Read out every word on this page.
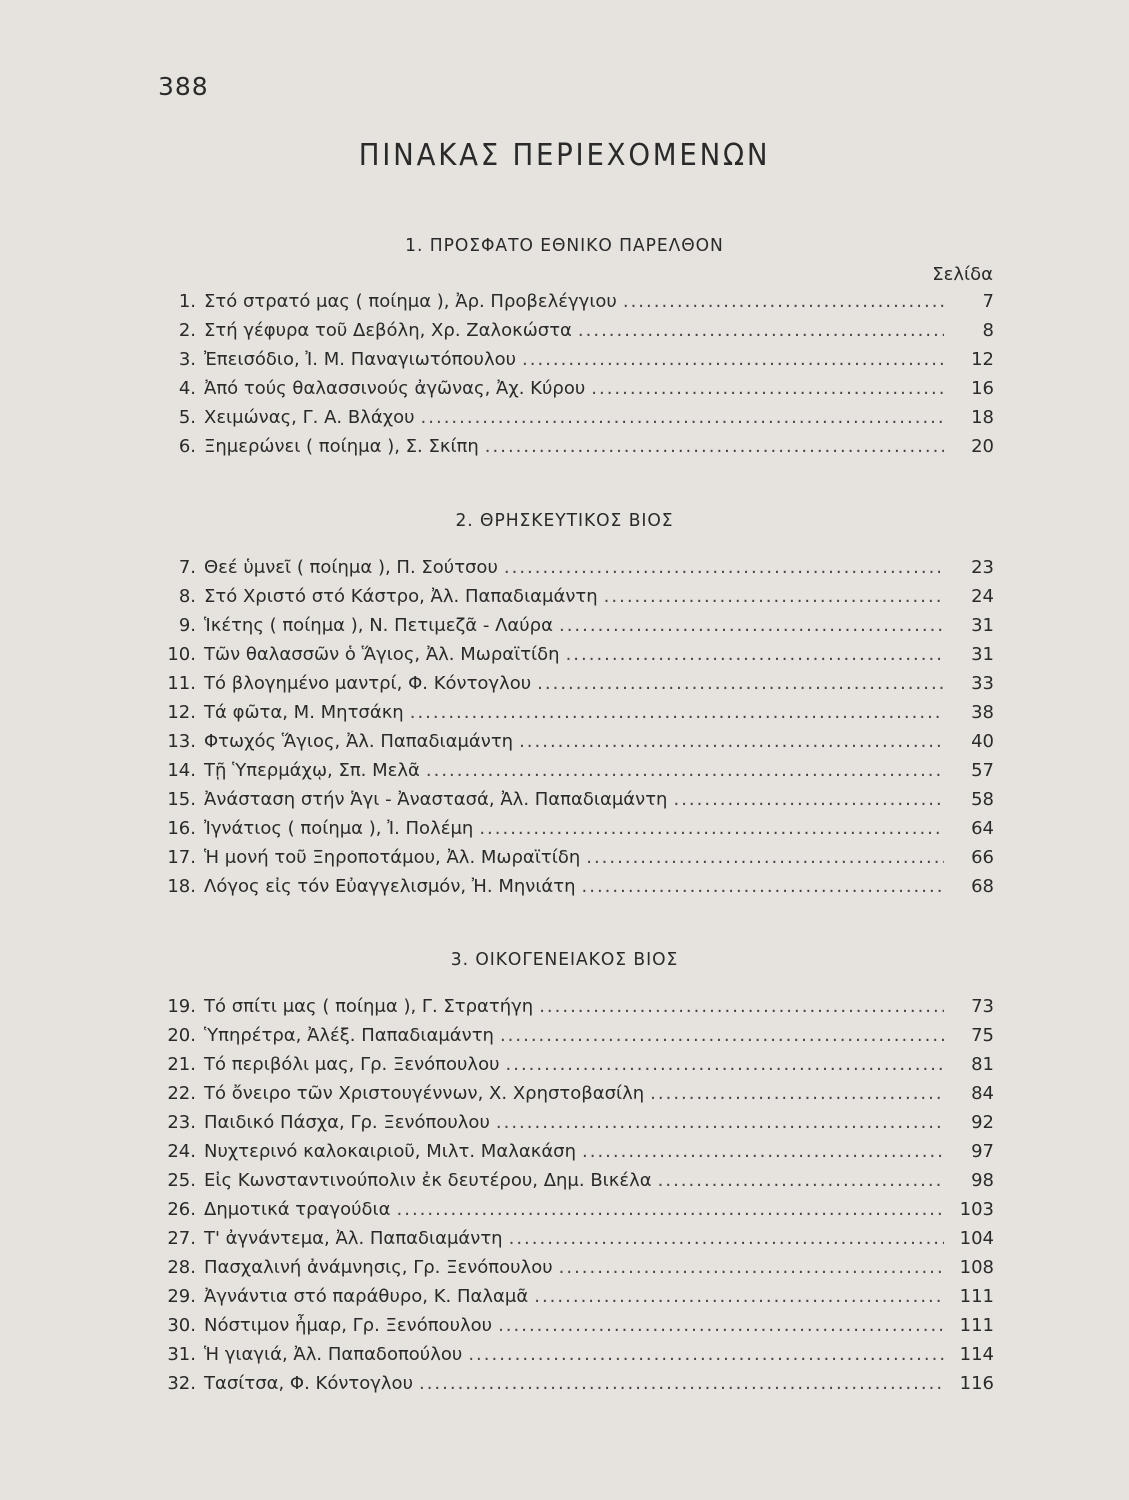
388
ΠΙΝΑΚΑΣ ΠΕΡΙΕΧΟΜΕΝΩΝ
1. ΠΡΟΣΦΑΤΟ ΕΘΝΙΚΟ ΠΑΡΕΛΘΟΝ
Σελίδα
1. Στό στρατό μας ( ποίημα ), Ἀρ. Προβελέγγιου .....	7
2. Στή γέφυρα τοῦ Δεβόλη, Χρ. Ζαλοκώστα .....	8
3. Ἐπεισόδιο, Ἰ. Μ. Παναγιωτόπουλου .....	12
4. Ἀπό τούς θαλασσινούς ἀγῶνας, Ἀχ. Κύρου .....	16
5. Χειμώνας, Γ. Α. Βλάχου .....	18
6. Ξημερώνει ( ποίημα ), Σ. Σκίπη .....	20
2. ΘΡΗΣΚΕΥΤΙΚΟΣ ΒΙΟΣ
7. Θεέ ὑμνεῖ ( ποίημα ), Π. Σούτσου .....	23
8. Στό Χριστό στό Κάστρο, Ἀλ. Παπαδιαμάντη .....	24
9. Ἱκέτης ( ποίημα ), Ν. Πετιμεζᾶ - Λαύρα .....	31
10. Τῶν θαλασσῶν ὁ Ἅγιος, Ἀλ. Μωραϊτίδη .....	31
11. Τό βλογημένο μαντρί, Φ. Κόντογλου .....	33
12. Τά φῶτα, Μ. Μητσάκη .....	38
13. Φτωχός Ἅγιος, Ἀλ. Παπαδιαμάντη .....	40
14. Τῇ Ὑπερμάχῳ, Σπ. Μελᾶ .....	57
15. Ἀνάσταση στήν Ἁγι - Ἀναστασά, Ἀλ. Παπαδιαμάντη .....	58
16. Ἰγνάτιος ( ποίημα ), Ἰ. Πολέμη .....	64
17. Ἡ μονή τοῦ Ξηροποτάμου, Ἀλ. Μωραϊτίδη .....	66
18. Λόγος εἰς τόν Εὐαγγελισμόν, Ἠ. Μηνιάτη .....	68
3. ΟΙΚΟΓΕΝΕΙΑΚΟΣ ΒΙΟΣ
19. Τό σπίτι μας ( ποίημα ), Γ. Στρατήγη .....	73
20. Ὑπηρέτρα, Ἀλέξ. Παπαδιαμάντη .....	75
21. Τό περιβόλι μας, Γρ. Ξενόπουλου .....	81
22. Τό ὄνειρο τῶν Χριστουγέννων, Χ. Χρηστοβασίλη .....	84
23. Παιδικό Πάσχα, Γρ. Ξενόπουλου .....	92
24. Νυχτερινό καλοκαιριοῦ, Μιλτ. Μαλακάση .....	97
25. Εἰς Κωνσταντινούπολιν ἐκ δευτέρου, Δημ. Βικέλα .....	98
26. Δημοτικά τραγούδια .....	103
27. Τ' ἀγνάντεμα, Ἀλ. Παπαδιαμάντη .....	104
28. Πασχαλινή ἀνάμνησις, Γρ. Ξενόπουλου .....	108
29. Ἀγνάντια στό παράθυρο, Κ. Παλαμᾶ .....	111
30. Νόστιμον ἦμαρ, Γρ. Ξενόπουλου .....	111
31. Ἡ γιαγιά, Ἀλ. Παπαδοπούλου .....	114
32. Τασίτσα, Φ. Κόντογλου .....	116
